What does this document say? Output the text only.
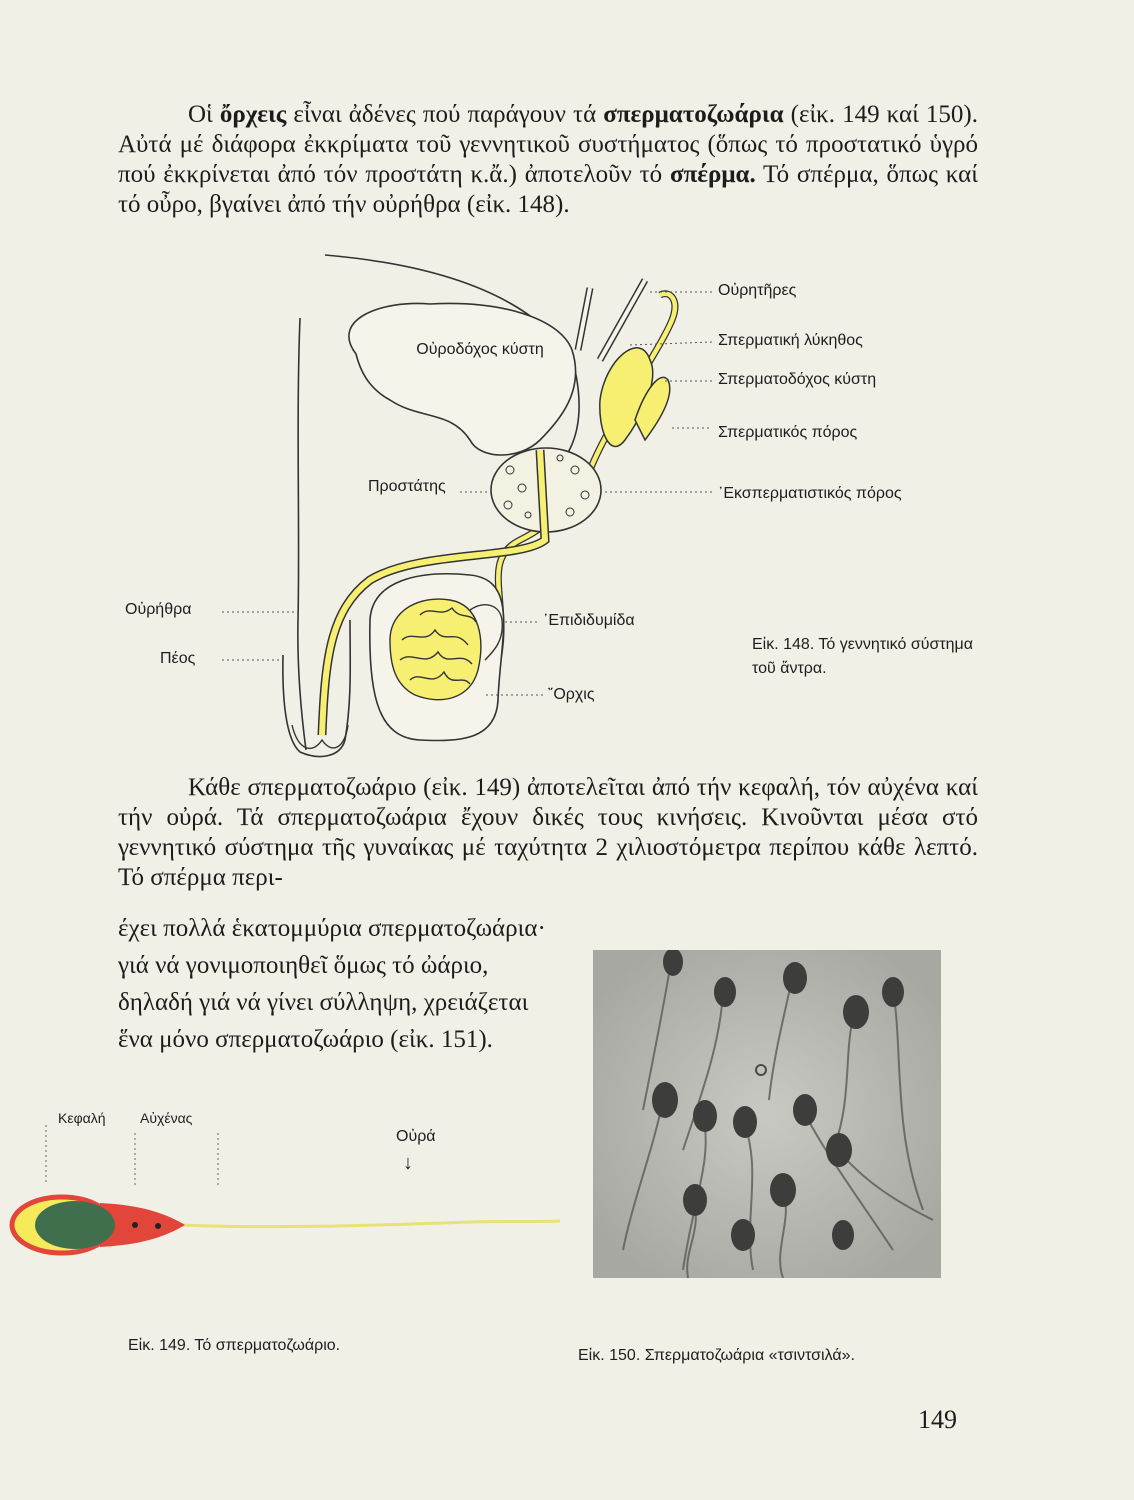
Οἱ ὄρχεις εἶναι ἀδένες πού παράγουν τά σπερματοζωάρια (εἰκ. 149 καί 150). Αὐτά μέ διάφορα ἐκκρίματα τοῦ γεννητικοῦ συστήματος (ὅπως τό προστατικό ὑγρό πού ἐκκρίνεται ἀπό τόν προστάτη κ.ἄ.) ἀποτελοῦν τό σπέρμα. Τό σπέρμα, ὅπως καί τό οὖρο, βγαίνει ἀπό τήν οὐρήθρα (εἰκ. 148).

Οὐροδόχος κύστη
Οὐρητῆρες
Σπερματική λύκηθος
Σπερματοδόχος κύστη
Σπερματικός πόρος
᾿Εκσπερματιστικός πόρος
Προστάτης
Οὐρήθρα
Πέος
᾿Επιδιδυμίδα
῎Ορχις
Εἰκ. 148. Τό γεννητικό σύστημα τοῦ ἄντρα.

Κάθε σπερματοζωάριο (εἰκ. 149) ἀποτελεῖται ἀπό τήν κεφαλή, τόν αὐχένα καί τήν οὐρά. Τά σπερματοζωάρια ἔχουν δικές τους κινήσεις. Κινοῦνται μέσα στό γεννητικό σύστημα τῆς γυναίκας μέ ταχύτητα 2 χιλιοστόμετρα περίπου κάθε λεπτό. Τό σπέρμα περι-

έχει πολλά ἑκατομμύρια σπερματοζωάρια· γιά νά γονιμοποιηθεῖ ὅμως τό ὠάριο, δηλαδή γιά νά γίνει σύλληψη, χρειάζεται ἕνα μόνο σπερματοζωάριο (εἰκ. 151).
Κεφαλή Αὐχένας
Οὐρά
↓
Εἰκ. 149. Τό σπερματοζωάριο.
Εἰκ. 150. Σπερματοζωάρια «τσιντσιλά».
149
